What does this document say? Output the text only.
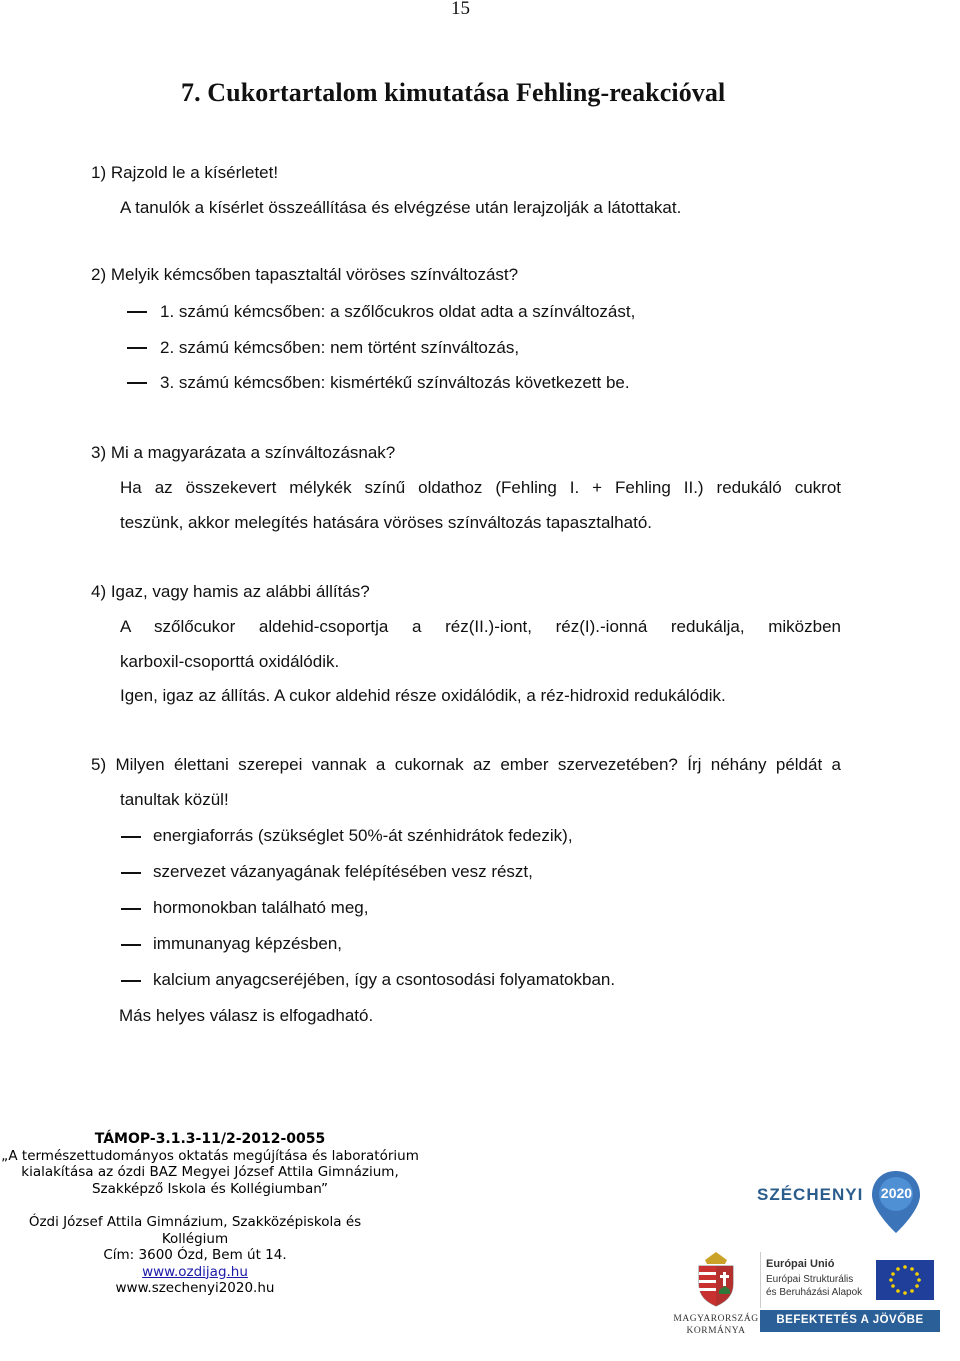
15
7. Cukortartalom kimutatása Fehling-reakcióval
1) Rajzold le a kísérletet!
A tanulók a kísérlet összeállítása és elvégzése után lerajzolják a látottakat.
2) Melyik kémcsőben tapasztaltál vöröses színváltozást?
1. számú kémcsőben: a szőlőcukros oldat adta a színváltozást,
2. számú kémcsőben: nem történt színváltozás,
3. számú kémcsőben: kismértékű színváltozás következett be.
3) Mi a magyarázata a színváltozásnak?
Ha az összekevert mélykék színű oldathoz (Fehling I. + Fehling II.) redukáló cukrot
teszünk, akkor melegítés hatására vöröses színváltozás tapasztalható.
4) Igaz, vagy hamis az alábbi állítás?
A szőlőcukor aldehid-csoportja a réz(II.)-iont, réz(I).-ionná redukálja, miközben
karboxil-csoporttá oxidálódik.
Igen, igaz az állítás. A cukor aldehid része oxidálódik, a réz-hidroxid redukálódik.
5) Milyen élettani szerepei vannak a cukornak az ember szervezetében? Írj néhány példát a
tanultak közül!
energiaforrás (szükséglet 50%-át szénhidrátok fedezik),
szervezet vázanyagának felépítésében vesz részt,
hormonokban található meg,
immunanyag képzésben,
kalcium anyagcseréjében, így a csontosodási folyamatokban.
Más helyes válasz is elfogadható.
TÁMOP-3.1.3-11/2-2012-0055
„A természettudományos oktatás megújítása és laboratórium
kialakítása az ózdi BAZ Megyei József Attila Gimnázium,
Szakképző Iskola és Kollégiumban”
Ózdi József Attila Gimnázium, Szakközépiskola és
Kollégium
Cím: 3600 Ózd, Bem út 14.
www.ozdijag.hu
www.szechenyi2020.hu
SZÉCHENYI 2020
MAGYARORSZÁG
KORMÁNYA
Európai Unió
Európai Strukturális
és Beruházási Alapok
BEFEKTETÉS A JÖVŐBE
